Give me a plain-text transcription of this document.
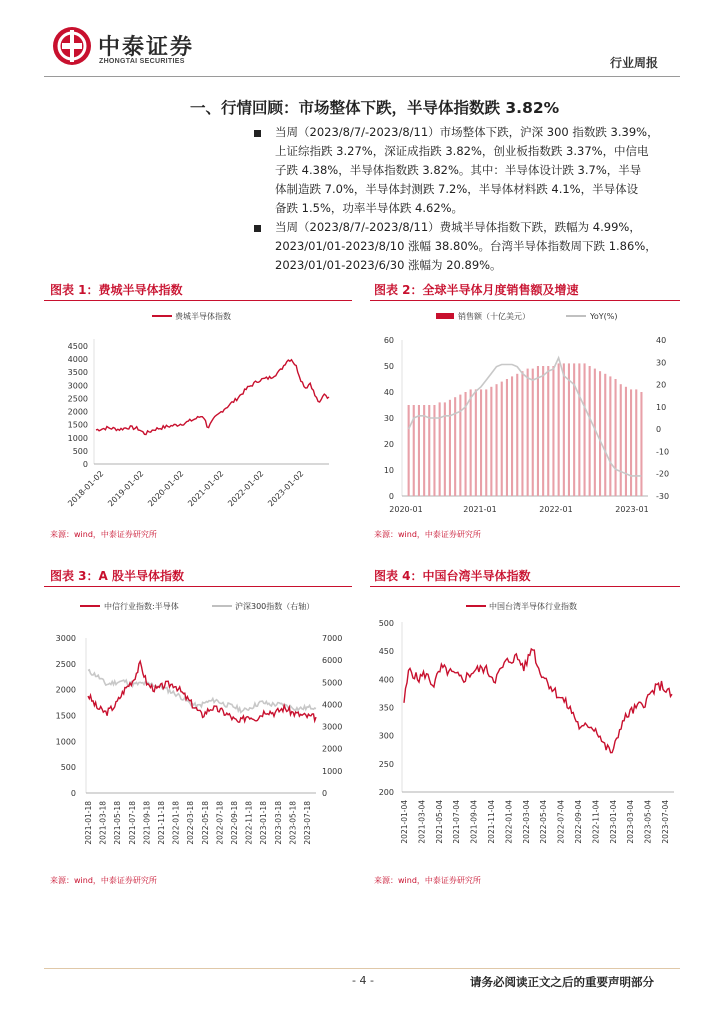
中泰证券
ZHONGTAI SECURITIES	行业周报
一、行情回顾：市场整体下跌，半导体指数跌 3.82%
当周（2023/8/7/-2023/8/11）市场整体下跌，沪深 300 指数跌 3.39%，
上证综指跌 3.27%，深证成指跌 3.82%，创业板指数跌 3.37%，中信电
子跌 4.38%，半导体指数跌 3.82%。其中：半导体设计跌 3.7%，半导
体制造跌 7.0%，半导体封测跌 7.2%，半导体材料跌 4.1%，半导体设
备跌 1.5%，功率半导体跌 4.62%。
当周（2023/8/7/-2023/8/11）费城半导体指数下跌，跌幅为 4.99%，
2023/01/01-2023/8/10 涨幅 38.80%。台湾半导体指数周下跌 1.86%，
2023/01/01-2023/6/30 涨幅为 20.89%。
图表 1：费城半导体指数	图表 2：全球半导体月度销售额及增速
来源：wind，中泰证券研究所	来源：wind，中泰证券研究所
图表 3：A 股半导体指数	图表 4：中国台湾半导体指数
来源：wind，中泰证券研究所	来源：wind，中泰证券研究所
费城半导体指数
4500
4000
3500
3000
2500
2000
1500
1000
500
0
2018-01-02 2019-01-02 2020-01-02 2021-01-02 2022-01-02 2023-01-02
销售额（十亿美元）	YoY(%)
60
50
40
30
20
10
0
40
30
20
10
0
-10
-20
-30
2020-01	2021-01	2022-01	2023-01
中信行业指数:半导体	沪深300指数（右轴）
3000
2500
2000
1500
1000
500
0
7000
6000
5000
4000
3000
2000
1000
0
2021-01-18 2021-03-18 2021-05-18 2021-07-18 2021-09-18 2021-11-18 2022-01-18 2022-03-18 2022-05-18 2022-07-18 2022-09-18 2022-11-18 2023-01-18 2023-03-18 2023-05-18 2023-07-18
中国台湾半导体行业指数
500
450
400
350
300
250
200
2021-01-04 2021-03-04 2021-05-04 2021-07-04 2021-09-04 2021-11-04 2022-01-04 2022-03-04 2022-05-04 2022-07-04 2022-09-04 2022-11-04 2023-01-04 2023-03-04 2023-05-04 2023-07-04
- 4 -	请务必阅读正文之后的重要声明部分
